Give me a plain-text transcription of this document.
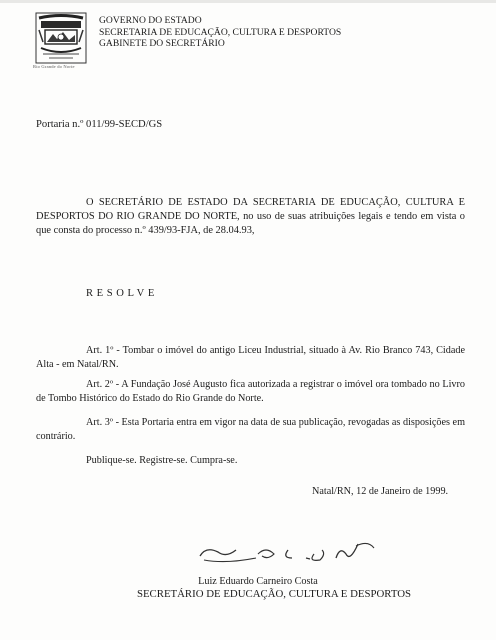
Rio Grande do Norte
GOVERNO DO ESTADO
SECRETARIA DE EDUCAÇÃO, CULTURA E DESPORTOS
GABINETE DO SECRETÁRIO
Portaria n.º 011/99-SECD/GS
O SECRETÁRIO DE ESTADO DA SECRETARIA DE EDUCAÇÃO, CULTURA E DESPORTOS DO RIO GRANDE DO NORTE, no uso de suas atribuições legais e tendo em vista o que consta do processo n.º 439/93-FJA, de 28.04.93,
RESOLVE
Art. 1º - Tombar o imóvel do antigo Liceu Industrial, situado à Av. Rio Branco 743, Cidade Alta - em Natal/RN.
Art. 2º - A Fundação José Augusto fica autorizada a registrar o imóvel ora tombado no Livro de Tombo Histórico do Estado do Rio Grande do Norte.
Art. 3º - Esta Portaria entra em vigor na data de sua publicação, revogadas as disposições em contrário.
Publique-se. Registre-se. Cumpra-se.
Natal/RN, 12 de Janeiro de 1999.
Luiz Eduardo Carneiro Costa
SECRETÁRIO DE EDUCAÇÃO, CULTURA E DESPORTOS
